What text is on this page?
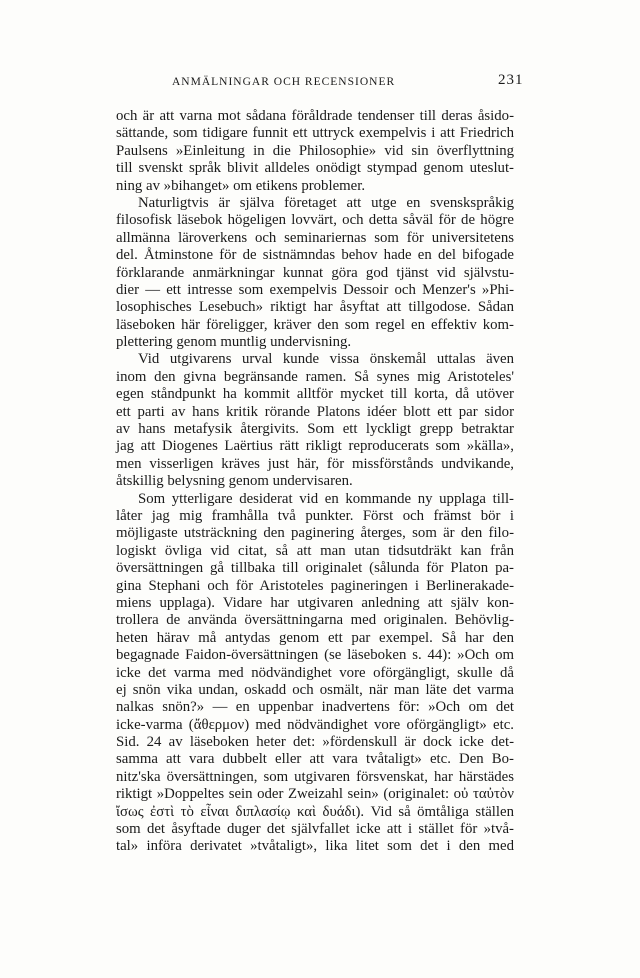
ANMÄLNINGAR OCH RECENSIONER	231
och är att varna mot sådana föråldrade tendenser till deras åsido-
sättande, som tidigare funnit ett uttryck exempelvis i att Friedrich
Paulsens »Einleitung in die Philosophie» vid sin överflyttning
till svenskt språk blivit alldeles onödigt stympad genom uteslut-
ning av »bihanget» om etikens problemer.
Naturligtvis är själva företaget att utge en svenskspråkig
filosofisk läsebok högeligen lovvärt, och detta såväl för de högre
allmänna läroverkens och seminariernas som för universitetens
del. Åtminstone för de sistnämndas behov hade en del bifogade
förklarande anmärkningar kunnat göra god tjänst vid självstu-
dier — ett intresse som exempelvis Dessoir och Menzer's »Phi-
losophisches Lesebuch» riktigt har åsyftat att tillgodose. Sådan
läseboken här föreligger, kräver den som regel en effektiv kom-
plettering genom muntlig undervisning.
Vid utgivarens urval kunde vissa önskemål uttalas även
inom den givna begränsande ramen. Så synes mig Aristoteles'
egen ståndpunkt ha kommit alltför mycket till korta, då utöver
ett parti av hans kritik rörande Platons idéer blott ett par sidor
av hans metafysik återgivits. Som ett lyckligt grepp betraktar
jag att Diogenes Laërtius rätt rikligt reproducerats som »källa»,
men visserligen kräves just här, för missförstånds undvikande,
åtskillig belysning genom undervisaren.
Som ytterligare desiderat vid en kommande ny upplaga till-
låter jag mig framhålla två punkter. Först och främst bör i
möjligaste utsträckning den paginering återges, som är den filo-
logiskt övliga vid citat, så att man utan tidsutdräkt kan från
översättningen gå tillbaka till originalet (sålunda för Platon pa-
gina Stephani och för Aristoteles pagineringen i Berlinerakade-
miens upplaga). Vidare har utgivaren anledning att själv kon-
trollera de använda översättningarna med originalen. Behövlig-
heten härav må antydas genom ett par exempel. Så har den
begagnade Faidon-översättningen (se läseboken s. 44): »Och om
icke det varma med nödvändighet vore oförgängligt, skulle då
ej snön vika undan, oskadd och osmält, när man läte det varma
nalkas snön?» — en uppenbar inadvertens för: »Och om det
icke-varma (ἄθερμον) med nödvändighet vore oförgängligt» etc.
Sid. 24 av läseboken heter det: »fördenskull är dock icke det-
samma att vara dubbelt eller att vara tvåtaligt» etc. Den Bo-
nitz'ska översättningen, som utgivaren försvenskat, har härstädes
riktigt »Doppeltes sein oder Zweizahl sein» (originalet: οὐ ταὐτὸν
ἴσως ἐστὶ τὸ εἶναι διπλασίῳ καὶ δυάδι). Vid så ömtåliga ställen
som det åsyftade duger det självfallet icke att i stället för »två-
tal» införa derivatet »tvåtaligt», lika litet som det i den med
